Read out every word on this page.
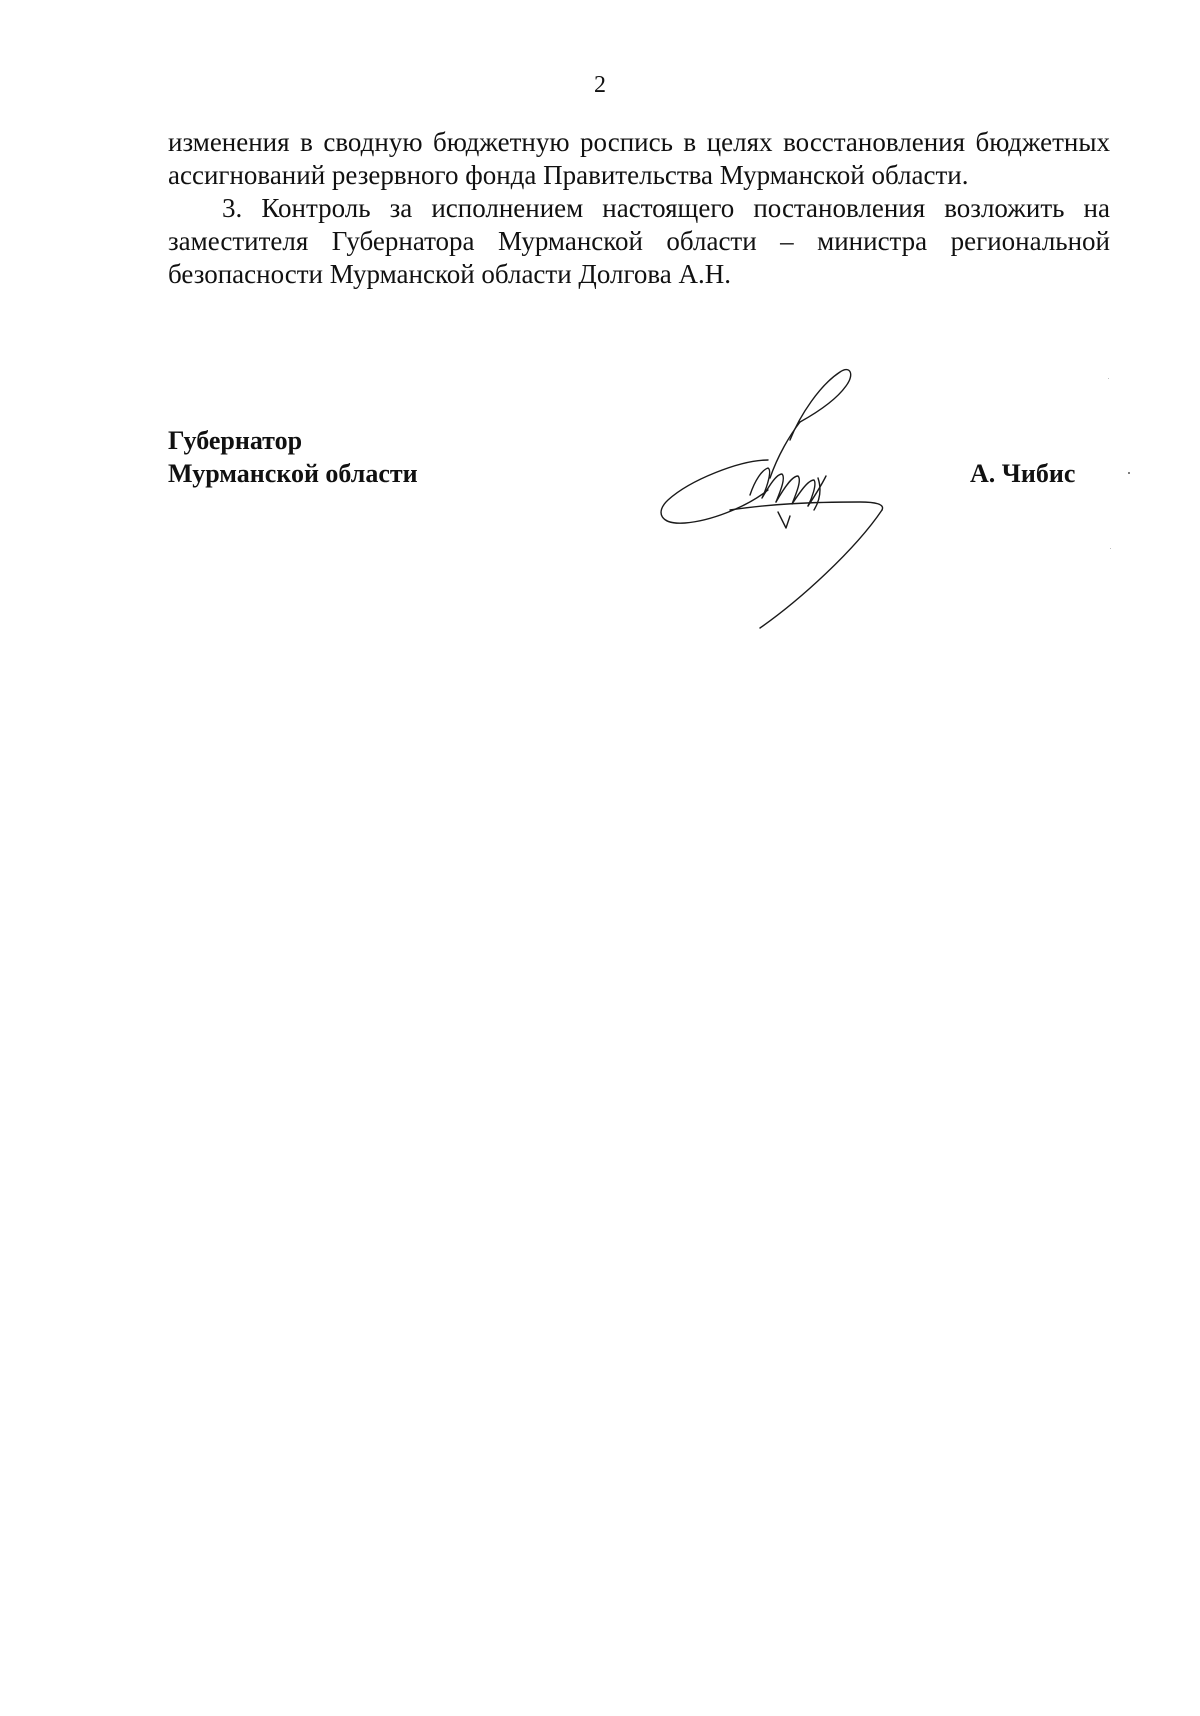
2

изменения в сводную бюджетную роспись в целях восстановления бюджетных ассигнований резервного фонда Правительства Мурманской области.

3. Контроль за исполнением настоящего постановления возложить на заместителя Губернатора Мурманской области – министра региональной безопасности Мурманской области Долгова А.Н.

Губернатор
Мурманской области	А. Чибис
